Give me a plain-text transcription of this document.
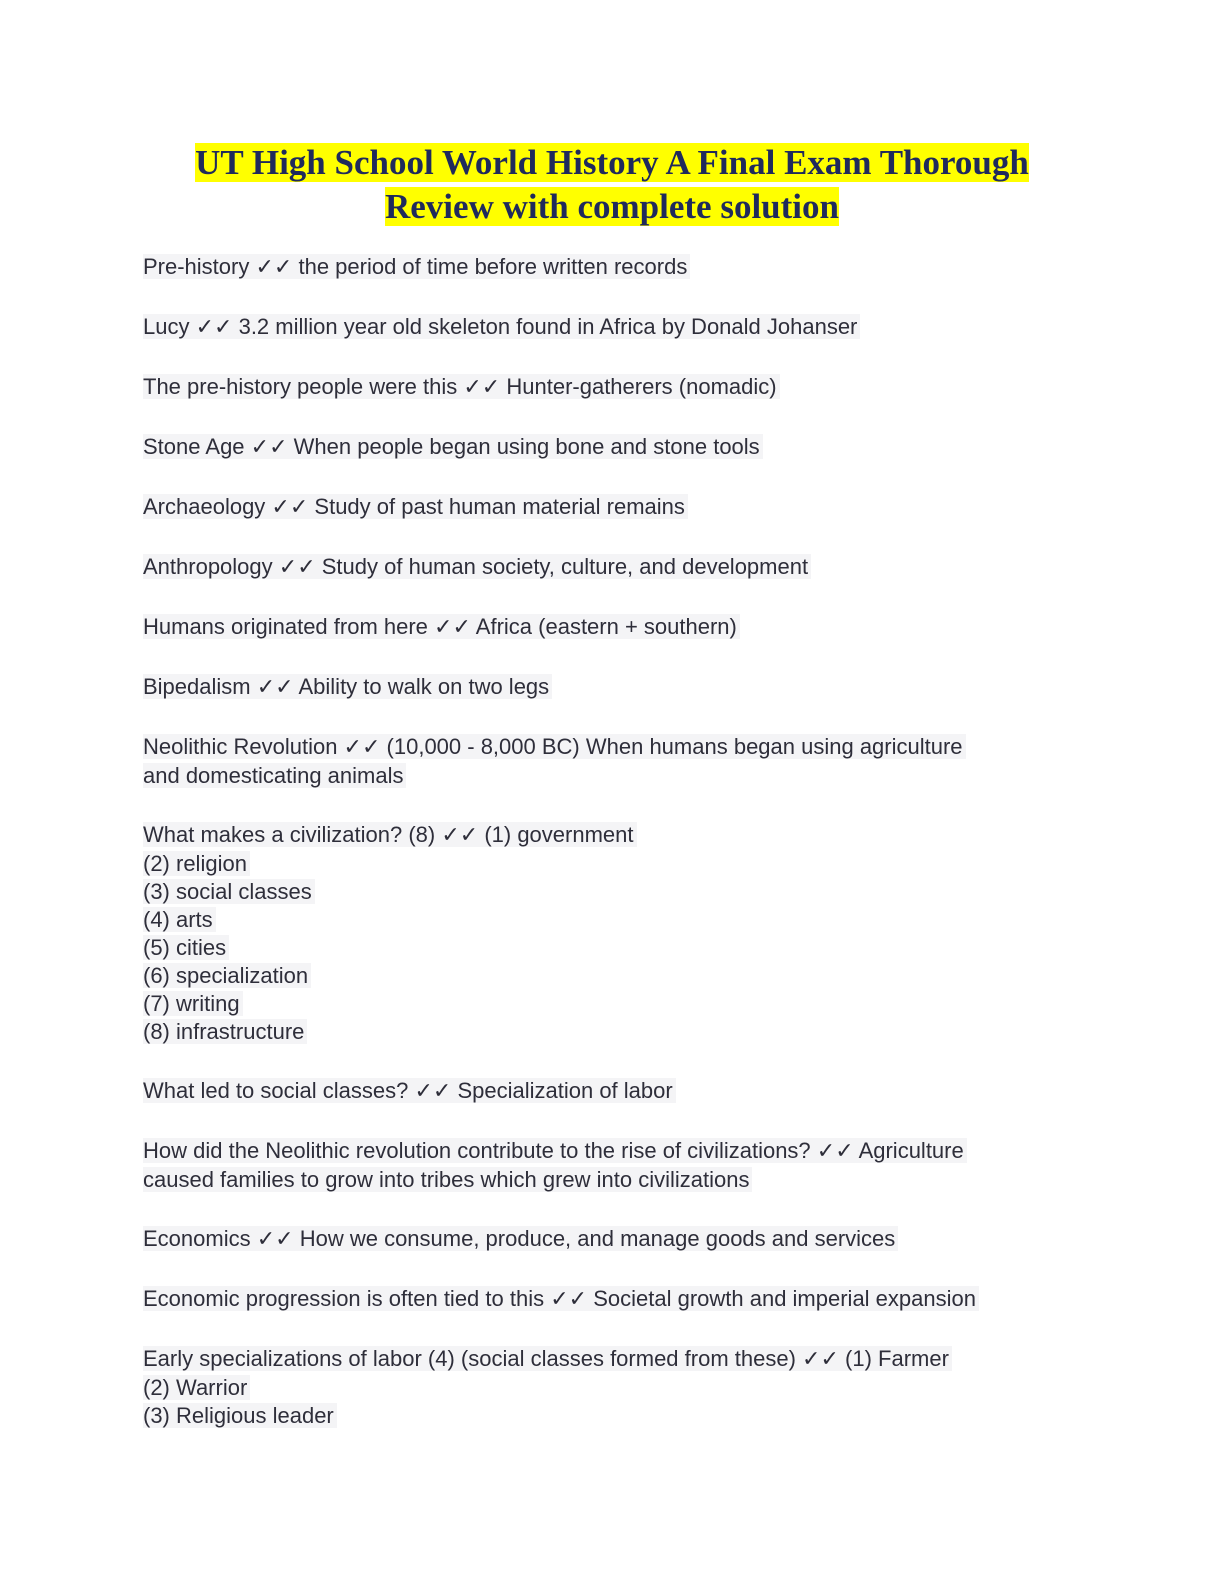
UT High School World History A Final Exam Thorough
Review with complete solution
Pre-history ✓✓ the period of time before written records
Lucy ✓✓ 3.2 million year old skeleton found in Africa by Donald Johanser
The pre-history people were this ✓✓ Hunter-gatherers (nomadic)
Stone Age ✓✓ When people began using bone and stone tools
Archaeology ✓✓ Study of past human material remains
Anthropology ✓✓ Study of human society, culture, and development
Humans originated from here ✓✓ Africa (eastern + southern)
Bipedalism ✓✓ Ability to walk on two legs
Neolithic Revolution ✓✓ (10,000 - 8,000 BC) When humans began using agriculture
and domesticating animals
What makes a civilization? (8) ✓✓ (1) government
(2) religion
(3) social classes
(4) arts
(5) cities
(6) specialization
(7) writing
(8) infrastructure
What led to social classes? ✓✓ Specialization of labor
How did the Neolithic revolution contribute to the rise of civilizations? ✓✓ Agriculture
caused families to grow into tribes which grew into civilizations
Economics ✓✓ How we consume, produce, and manage goods and services
Economic progression is often tied to this ✓✓ Societal growth and imperial expansion
Early specializations of labor (4) (social classes formed from these) ✓✓ (1) Farmer
(2) Warrior
(3) Religious leader
